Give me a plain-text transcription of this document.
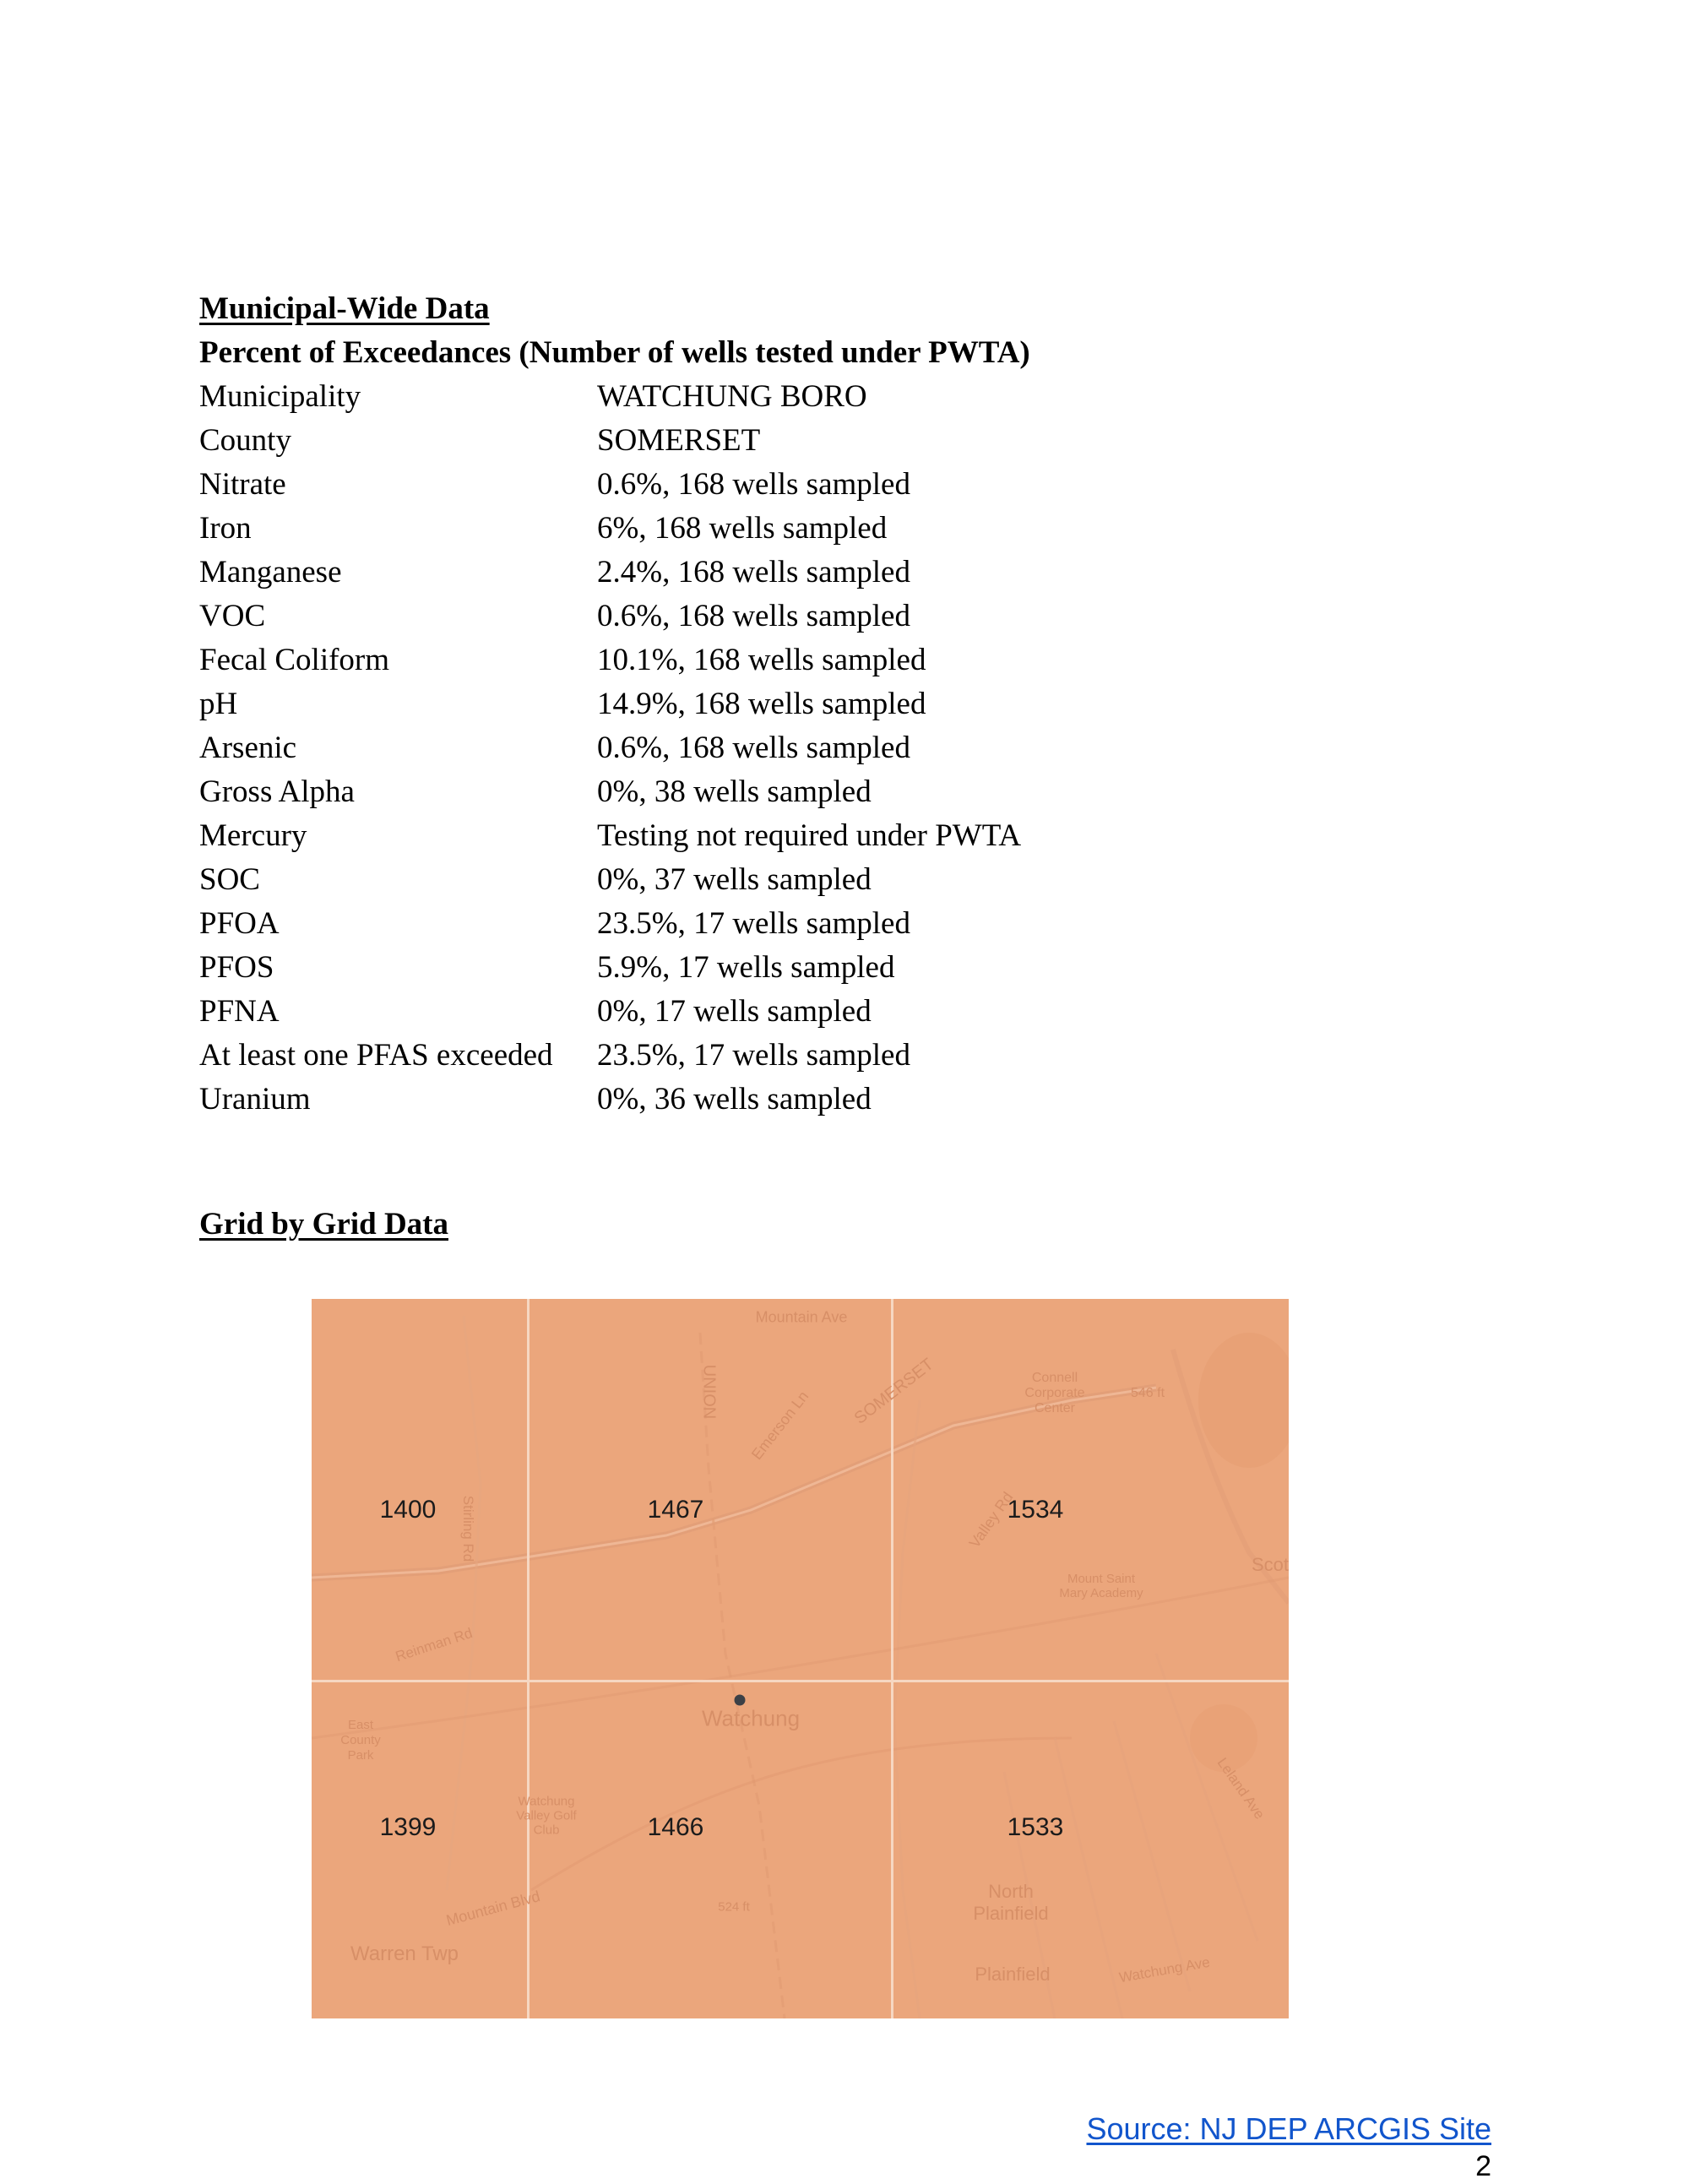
Municipal-Wide Data
Percent of Exceedances (Number of wells tested under PWTA)
Municipality	WATCHUNG BORO
County	SOMERSET
Nitrate	0.6%, 168 wells sampled
Iron	6%, 168 wells sampled
Manganese	2.4%, 168 wells sampled
VOC	0.6%, 168 wells sampled
Fecal Coliform	10.1%, 168 wells sampled
pH	14.9%, 168 wells sampled
Arsenic	0.6%, 168 wells sampled
Gross Alpha	0%, 38 wells sampled
Mercury	Testing not required under PWTA
SOC	0%, 37 wells sampled
PFOA	23.5%, 17 wells sampled
PFOS	5.9%, 17 wells sampled
PFNA	0%, 17 wells sampled
At least one PFAS exceeded	23.5%, 17 wells sampled
Uranium	0%, 36 wells sampled
Grid by Grid Data
Mountain Ave
UNION Emerson Ln SOMERSET
Valley Rd
Connell Corporate Center
Mount Saint Mary Academy
Scot
Reinman Rd
Stirling Rd
546 ft
Watchung
East County Park
Watchung Valley Golf Club
Mountain Blvd
Warren Twp
524 ft
North Plainfield
Plainfield	Watchung Ave
Leland Ave
1400	1467	1534
1399	1466	1533
Source: NJ DEP ARCGIS Site
2
